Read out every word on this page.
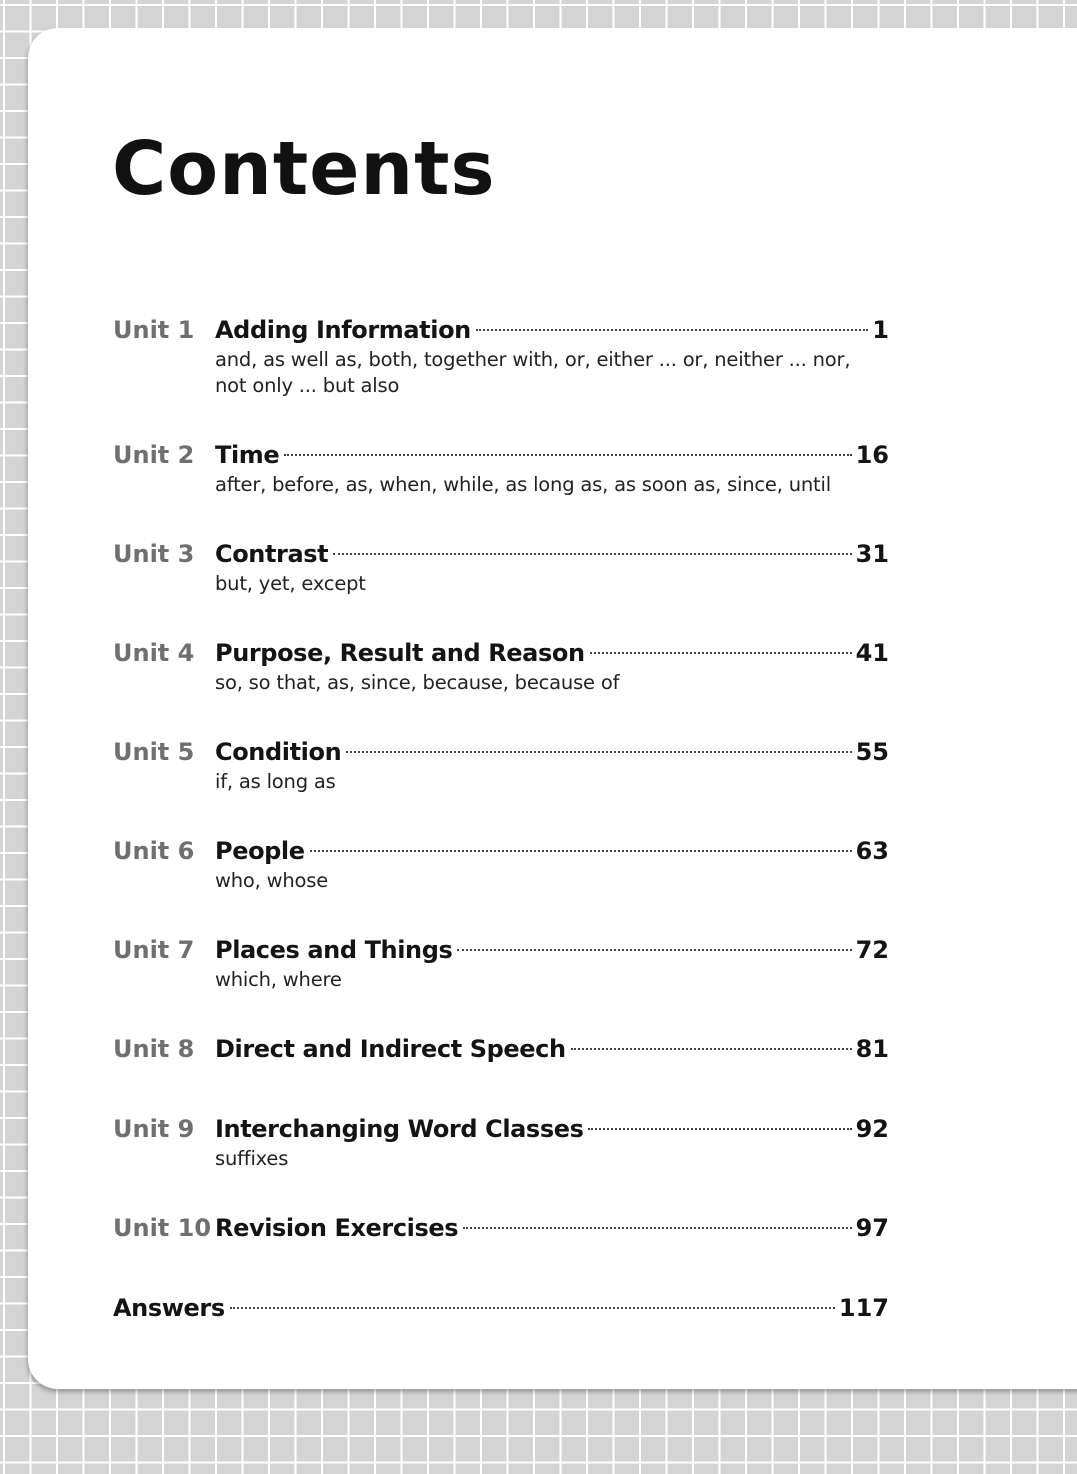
Contents
Unit 1 Adding Information	1
and, as well as, both, together with, or, either ... or, neither ... nor, not only ... but also
Unit 2 Time	16
after, before, as, when, while, as long as, as soon as, since, until
Unit 3 Contrast	31
but, yet, except
Unit 4 Purpose, Result and Reason	41
so, so that, as, since, because, because of
Unit 5 Condition	55
if, as long as
Unit 6 People	63
who, whose
Unit 7 Places and Things	72
which, where
Unit 8 Direct and Indirect Speech	81
Unit 9 Interchanging Word Classes	92
suffixes
Unit 10 Revision Exercises	97
Answers	117
